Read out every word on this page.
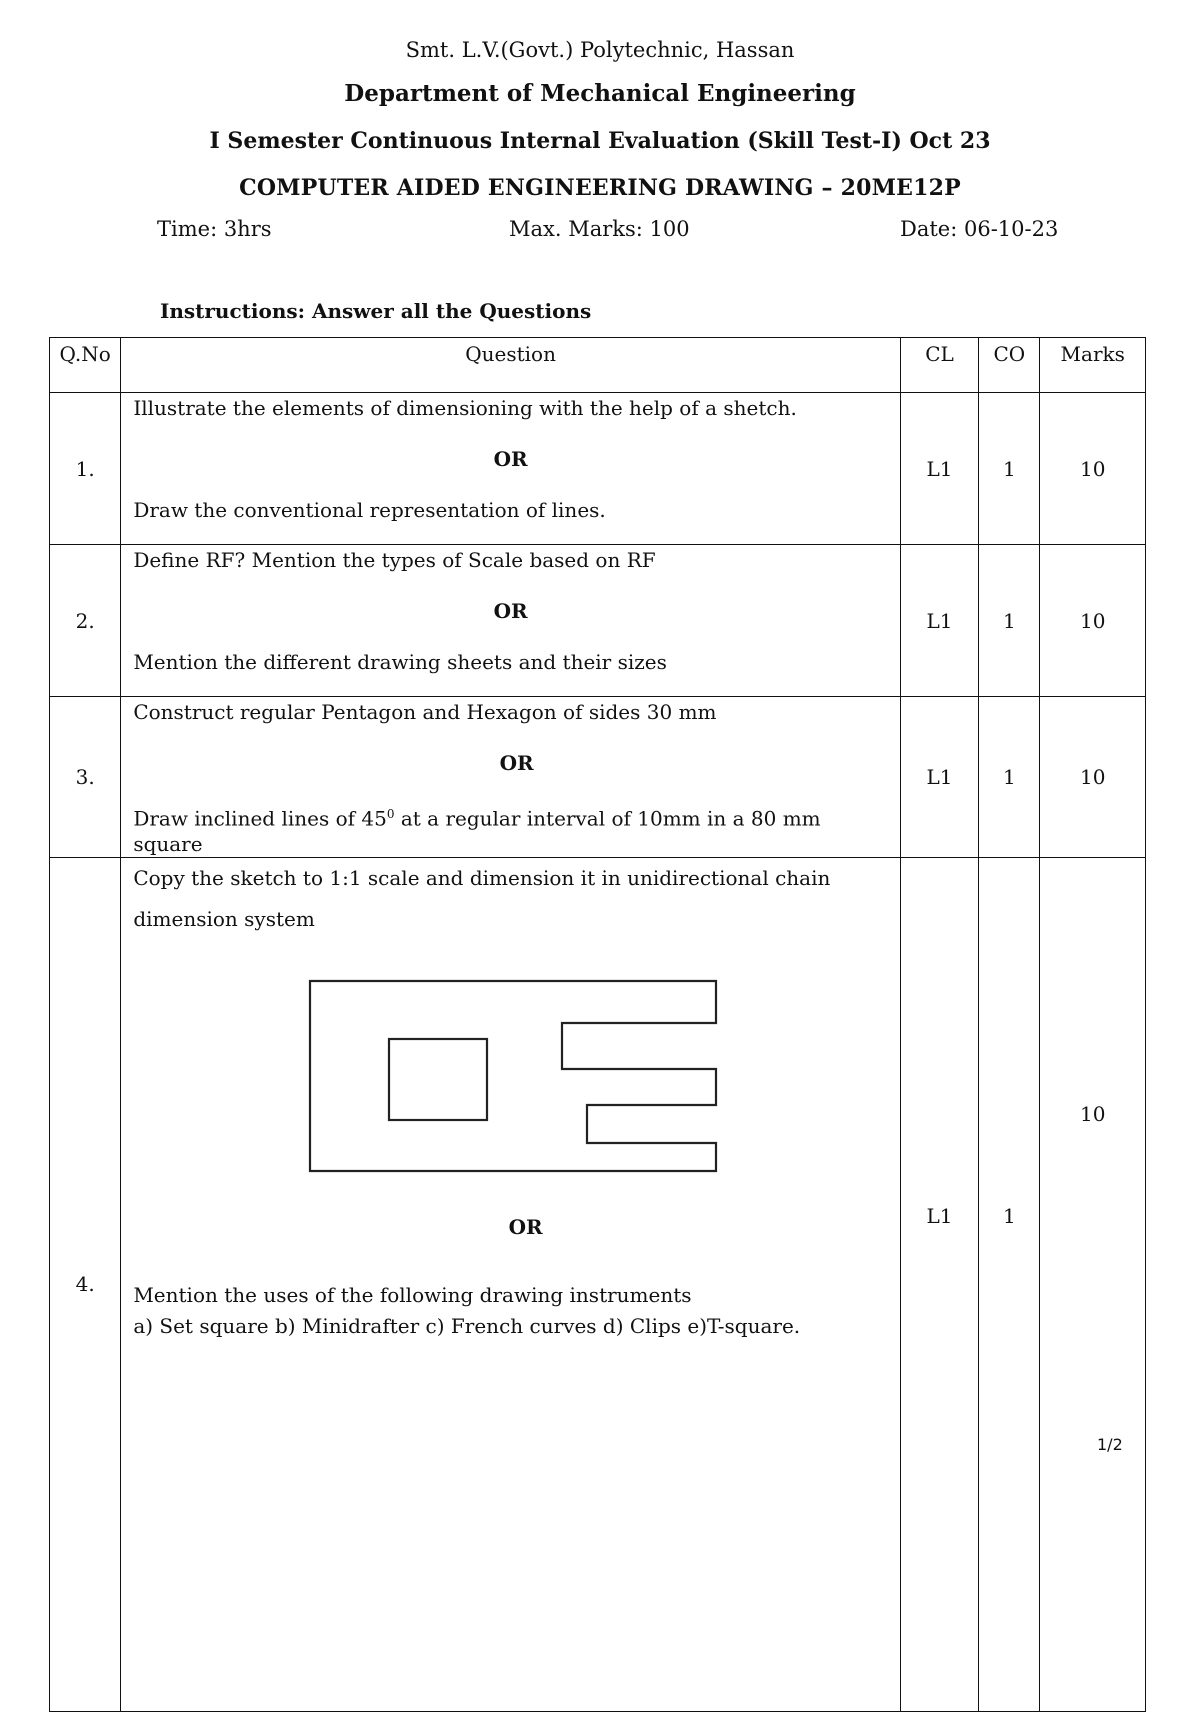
Smt. L.V.(Govt.) Polytechnic, Hassan
Department of Mechanical Engineering
I Semester Continuous Internal Evaluation (Skill Test-I) Oct 23
COMPUTER AIDED ENGINEERING DRAWING – 20ME12P
Time: 3hrs	Max. Marks: 100	Date: 06-10-23
Instructions: Answer all the Questions
Q.No	Question	CL	CO	Marks
1.	Illustrate the elements of dimensioning with the help of a shetch.

OR

Draw the conventional representation of lines.	L1	1	10
2.	Define RF? Mention the types of Scale based on RF

OR

Mention the different drawing sheets and their sizes	L1	1	10
3.	Construct regular Pentagon and Hexagon of sides 30 mm

OR

Draw inclined lines of $45^0$ at a regular interval of 10mm in a 80 mm square	L1	1	10
4.	Copy the sketch to 1:1 scale and dimension it in unidirectional chain dimension system

OR

Mention the uses of the following drawing instruments

a) Set square b) Minidrafter c) French curves d) Clips e)T-square.	L1	1	10
1/2
